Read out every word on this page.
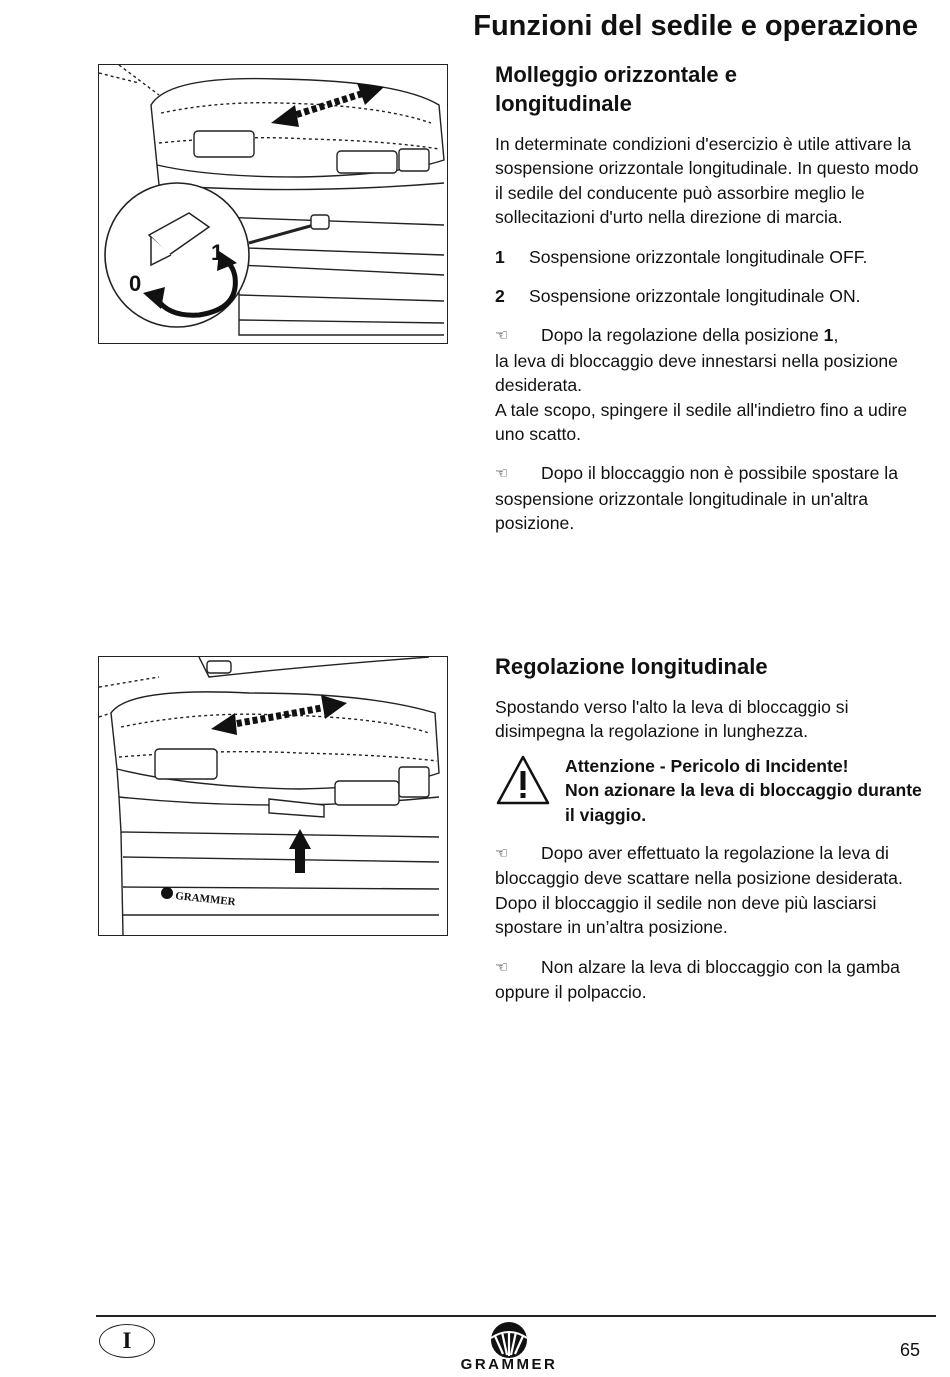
Funzioni del sedile e operazione
0
1
Molleggio orizzontale e
longitudinale

In determinate condizioni d'esercizio è utile attivare la sospensione orizzontale longitudinale. In questo modo il sedile del conducente può assorbire meglio le sollecitazioni d'urto nella direzione di marcia.

1	Sospensione orizzontale longitudinale OFF.
2	Sospensione orizzontale longitudinale ON.

☜ Dopo la regolazione della posizione 1,
la leva di bloccaggio deve innestarsi nella posizione desiderata.
A tale scopo, spingere il sedile all'indietro fino a udire uno scatto.

☜ Dopo il bloccaggio non è possibile spostare la sospensione orizzontale longitudinale in un'altra posizione.

GRAMMER
Regolazione longitudinale

Spostando verso l'alto la leva di bloccaggio si disimpegna la regolazione in lunghezza.

Attenzione - Pericolo di Incidente!
Non azionare la leva di bloccaggio durante il viaggio.

☜ Dopo aver effettuato la regolazione la leva di bloccaggio deve scattare nella posizione desiderata. Dopo il bloccaggio il sedile non deve più lasciarsi spostare in un’altra posizione.

☜ Non alzare la leva di bloccaggio con la gamba oppure il polpaccio.

I
GRAMMER
65
